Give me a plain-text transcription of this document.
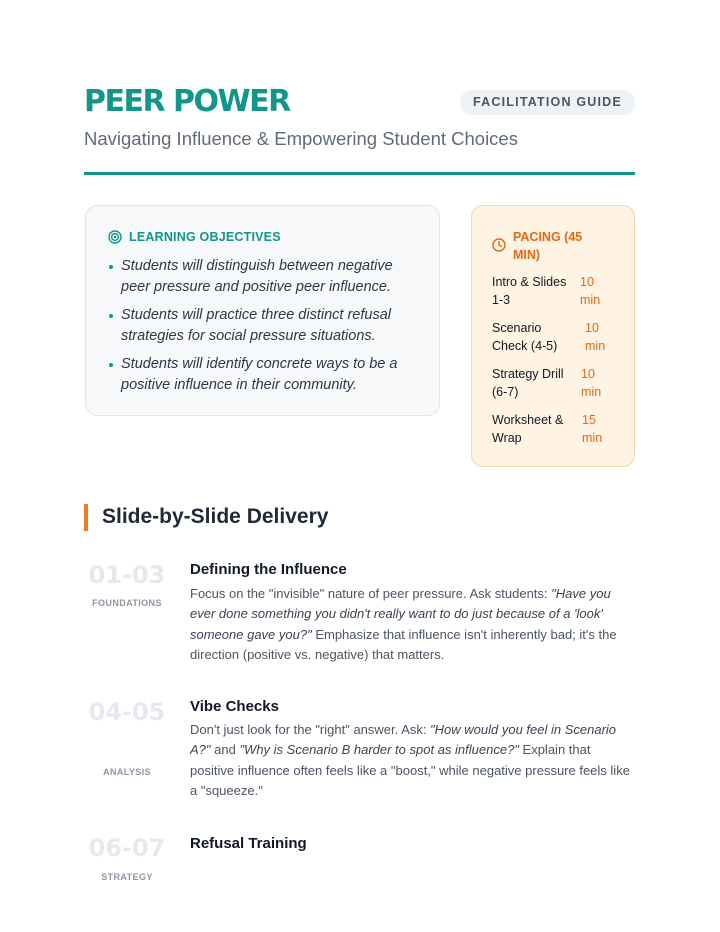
PEER POWER	FACILITATION GUIDE
Navigating Influence & Empowering Student Choices
LEARNING OBJECTIVES
Students will distinguish between negative peer pressure and positive peer influence.
Students will practice three distinct refusal strategies for social pressure situations.
Students will identify concrete ways to be a positive influence in their community.
PACING (45 MIN)
Intro & Slides 1-3
10 min
Scenario Check (4-5)
10 min
Strategy Drill (6-7)
10 min
Worksheet & Wrap
15 min
Slide-by-Slide Delivery
01-03
FOUNDATIONS
Defining the Influence
Focus on the "invisible" nature of peer pressure. Ask students: "Have you ever done something you didn't really want to do just because of a 'look' someone gave you?" Emphasize that influence isn't inherently bad; it's the direction (positive vs. negative) that matters.
04-05
ANALYSIS
Vibe Checks
Don't just look for the "right" answer. Ask: "How would you feel in Scenario A?" and "Why is Scenario B harder to spot as influence?" Explain that positive influence often feels like a "boost," while negative pressure feels like a "squeeze."
06-07
STRATEGY
Refusal Training
